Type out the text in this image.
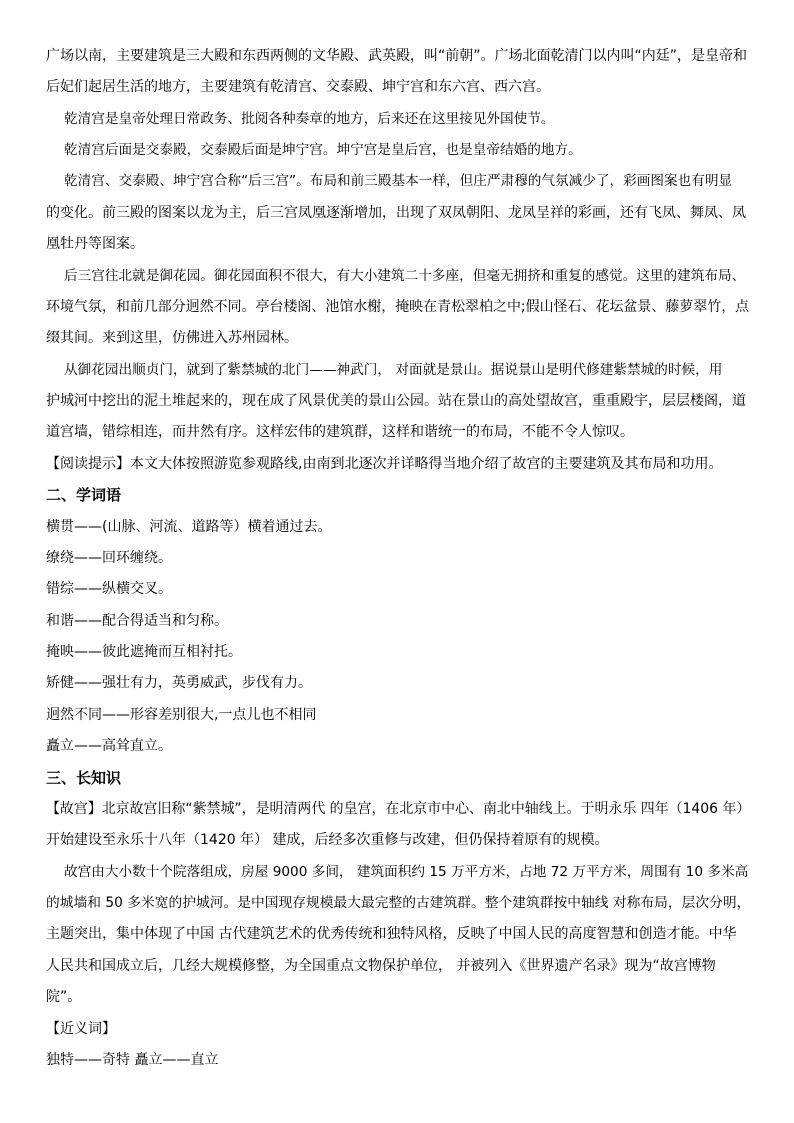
广场以南，主要建筑是三大殿和东西两侧的文华殿、武英殿，叫“前朝”。广场北面乾清门以内叫“内廷”，是皇帝和

后妃们起居生活的地方，主要建筑有乾清宫、交泰殿、坤宁宫和东六宫、西六宫。

乾清宫是皇帝处理日常政务、批阅各种奏章的地方，后来还在这里接见外国使节。

乾清宫后面是交泰殿，交泰殿后面是坤宁宫。坤宁宫是皇后宫，也是皇帝结婚的地方。

乾清宫、交泰殿、坤宁宫合称“后三宫”。布局和前三殿基本一样，但庄严肃穆的气氛减少了，彩画图案也有明显

的变化。前三殿的图案以龙为主，后三宫凤凰逐渐增加，出现了双凤朝阳、龙凤呈祥的彩画，还有飞凤、舞凤、凤

凰牡丹等图案。

后三宫往北就是御花园。御花园面积不很大，有大小建筑二十多座，但毫无拥挤和重复的感觉。这里的建筑布局、

环境气氛，和前几部分迥然不同。亭台楼阁、池馆水榭，掩映在青松翠柏之中;假山怪石、花坛盆景、藤萝翠竹，点

缀其间。来到这里，仿佛进入苏州园林。

从御花园出顺贞门，就到了紫禁城的北门——神武门， 对面就是景山。据说景山是明代修建紫禁城的时候，用

护城河中挖出的泥土堆起来的，现在成了风景优美的景山公园。站在景山的高处望故宫，重重殿宇，层层楼阁，道

道宫墙，错综相连，而井然有序。这样宏伟的建筑群，这样和谐统一的布局，不能不令人惊叹。

【阅读提示】本文大体按照游览参观路线,由南到北逐次并详略得当地介绍了故宫的主要建筑及其布局和功用。

二、学词语

横贯——(山脉、河流、道路等）横着通过去。

缭绕——回环缠绕。

错综——纵横交叉。

和谐——配合得适当和匀称。

掩映——彼此遮掩而互相衬托。

矫健——强壮有力，英勇威武，步伐有力。

迥然不同——形容差别很大,一点儿也不相同

矗立——高耸直立。

三、长知识

【故宫】北京故宫旧称“紫禁城”，是明清两代 的皇宫，在北京市中心、南北中轴线上。于明永乐 四年（1406 年）

开始建设至永乐十八年（1420 年） 建成，后经多次重修与改建，但仍保持着原有的规模。

故宫由大小数十个院落组成，房屋 9000 多间， 建筑面积约 15 万平方米，占地 72 万平方米，周围有 10 多米高

的城墙和 50 多米宽的护城河。是中国现存规模最大最完整的古建筑群。整个建筑群按中轴线 对称布局，层次分明，

主题突出，集中体现了中国 古代建筑艺术的优秀传统和独特风格，反映了中国人民的高度智慧和创造才能。中华

人民共和国成立后，几经大规模修整，为全国重点文物保护单位， 并被列入《世界遗产名录》现为“故宫博物

院”。

【近义词】

独特——奇特 矗立——直立
